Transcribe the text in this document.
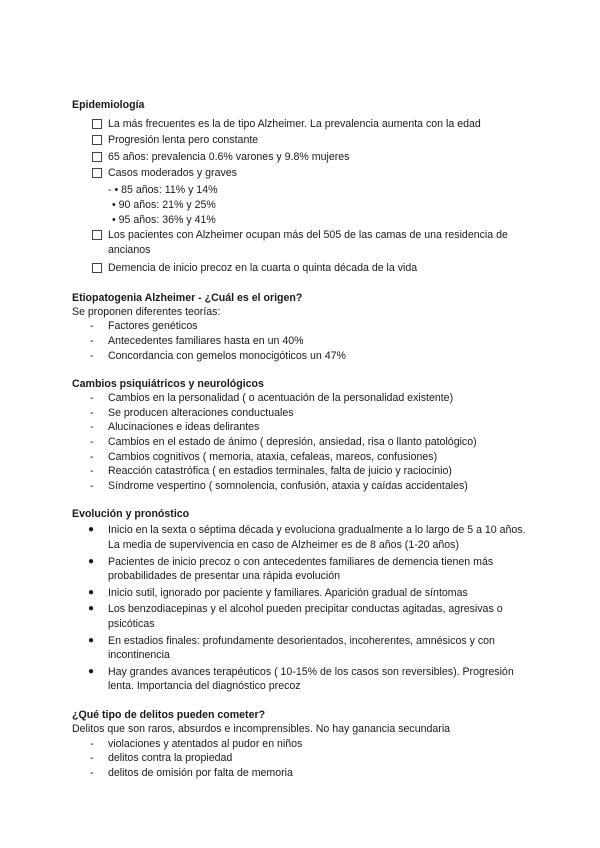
Epidemiología

La más frecuentes es la de tipo Alzheimer. La prevalencia aumenta con la edad
Progresión lenta pero constante
65 años: prevalencia 0.6% varones y 9.8% mujeres
Casos moderados y graves
- • 85 años: 11% y 14%
• 90 años: 21% y 25%
• 95 años: 36% y 41%
Los pacientes con Alzheimer ocupan más del 505 de las camas de una residencia de ancianos
Demencia de inicio precoz en la cuarta o quinta década de la vida

Etiopatogenia Alzheimer - ¿Cuál es el origen?

Se proponen diferentes teorías:

-	Factores genéticos
-	Antecedentes familiares hasta en un 40%
-	Concordancia con gemelos monocigóticos un 47%

Cambios psiquiátricos y neurológicos

-	Cambios en la personalidad ( o acentuación de la personalidad existente)
-	Se producen alteraciones conductuales
-	Alucinaciones e ideas delirantes
-	Cambios en el estado de ánimo ( depresión, ansiedad, risa o llanto patológico)
-	Cambios cognitivos ( memoria, ataxia, cefaleas, mareos, confusiones)
-	Reacción catastrófica ( en estadios terminales, falta de juicio y raciocinio)
-	Síndrome vespertino ( somnolencia, confusión, ataxia y caídas accidentales)

Evolución y pronóstico

●	Inicio en la sexta o séptima década y evoluciona gradualmente a lo largo de 5 a 10 años. La media de supervivencia en caso de Alzheimer es de 8 años (1-20 años)
●	Pacientes de inicio precoz o con antecedentes familiares de demencia tienen más probabilidades de presentar una rápida evolución
●	Inicio sutil, ignorado por paciente y familiares. Aparición gradual de síntomas
●	Los benzodiacepinas y el alcohol pueden precipitar conductas agitadas, agresivas o psicóticas
●	En estadios finales: profundamente desorientados, incoherentes, amnésicos y con incontinencia
●	Hay grandes avances terapéuticos ( 10-15% de los casos son reversibles). Progresión lenta. Importancia del diagnóstico precoz

¿Qué tipo de delitos pueden cometer?

Delitos que son raros, absurdos e incomprensibles. No hay ganancia secundaria

-	violaciones y atentados al pudor en niños
-	delitos contra la propiedad
-	delitos de omisión por falta de memoria
